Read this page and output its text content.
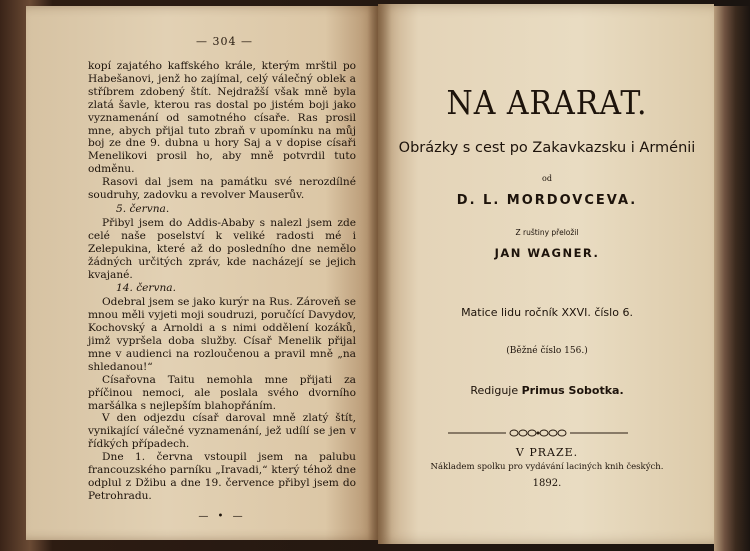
— 304 —

kopí zajatého kaffského krále, kterým mrštil po Habešanovi, jenž ho zajímal, celý válečný oblek a stříbrem zdobený štít. Nejdražší však mně byla zlatá šavle, kterou ras dostal po jistém boji jako vyznamenání od samotného císaře. Ras prosil mne, abych přijal tuto zbraň v upomínku na můj boj ze dne 9. dubna u hory Saj a v dopise císaři Menelikovi prosil ho, aby mně potvrdil tuto odměnu.

Rasovi dal jsem na památku své nerozdílné soudruhy, zadovku a revolver Mauserův.

5. června.

Přibyl jsem do Addis-Ababy s nalezl jsem zde celé naše poselství k veliké radosti mé i Zelepukina, které až do posledního dne nemělo žádných určitých zpráv, kde nacházejí se jejich kvajané.

14. června.

Odebral jsem se jako kurýr na Rus. Zároveň se mnou měli vyjeti moji soudruzi, poručící Davydov, Kochovský a Arnoldi a s nimi oddělení kozáků, jimž vypršela doba služby. Císař Menelik přijal mne v audienci na rozloučenou a pravil mně „na shledanou!“

Císařovna Taitu nemohla mne přijati za příčinou nemoci, ale poslala svého dvorního maršálka s nejlepším blahopřáním.

V den odjezdu císař daroval mně zlatý štít, vynikající válečné vyznamenání, jež udílí se jen v řídkých případech.

Dne 1. června vstoupil jsem na palubu francouzského parníku „Iravadi,“ který téhož dne odplul z Džibu a dne 19. července přibyl jsem do Petrohradu.

— • —
NA ARARAT.
Obrázky s cest po Zakavkazsku i Arménii
od
D. L. MORDOVCEVA.
Z ruštiny přeložil
JAN WAGNER.
Matice lidu ročník XXVI. číslo 6.
(Běžné číslo 156.)
Rediguje Primus Sobotka.
V PRAZE.
Nákladem spolku pro vydávání laciných knih českých.
1892.
